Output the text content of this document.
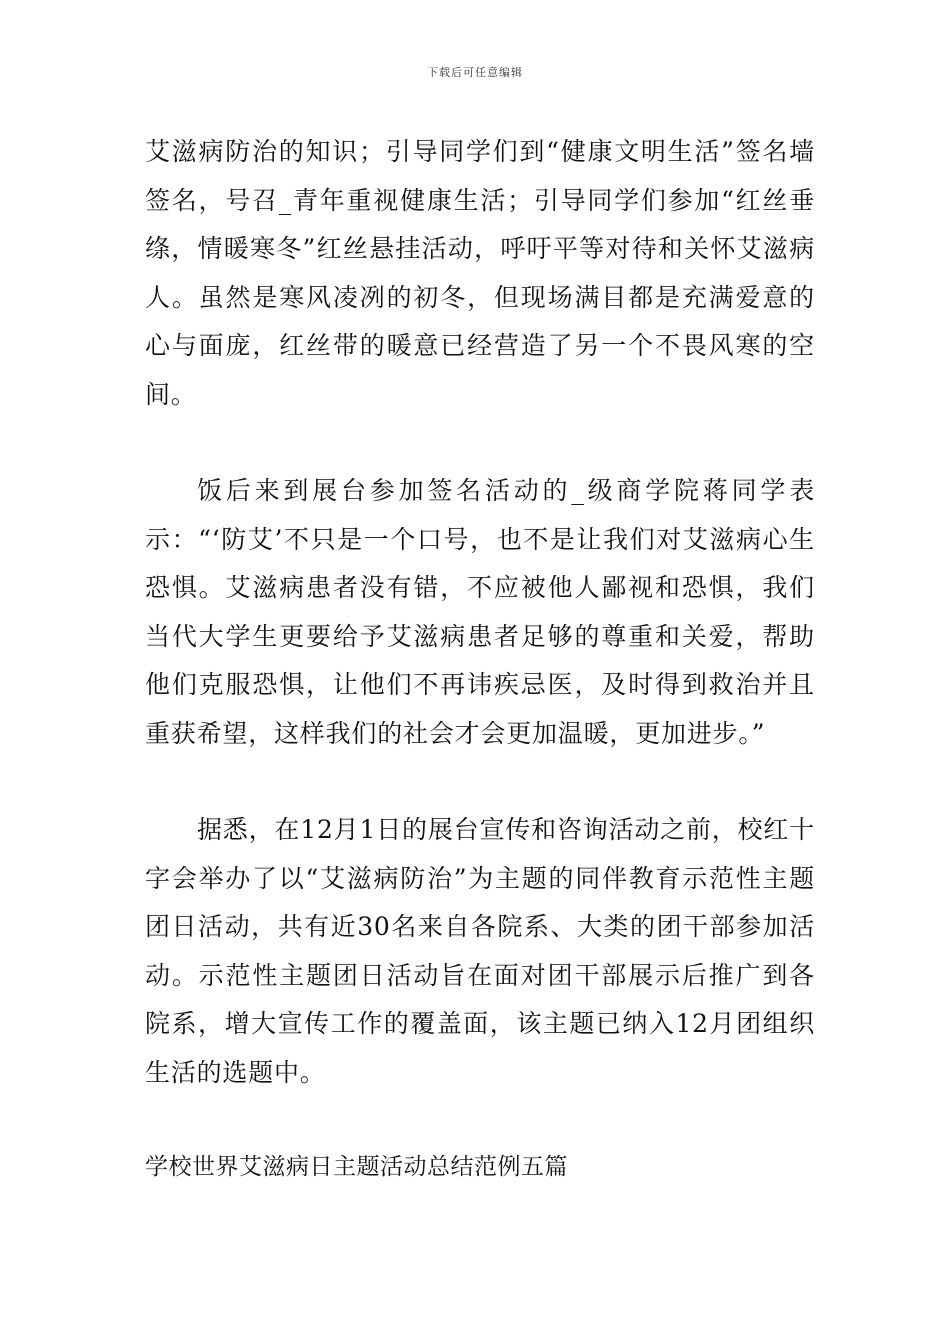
下载后可任意编辑

艾滋病防治的知识；引导同学们到“健康文明生活”签名墙签名，号召_青年重视健康生活；引导同学们参加“红丝垂绦，情暖寒冬”红丝悬挂活动，呼吁平等对待和关怀艾滋病人。虽然是寒风凌冽的初冬，但现场满目都是充满爱意的心与面庞，红丝带的暖意已经营造了另一个不畏风寒的空间。

饭后来到展台参加签名活动的_级商学院蒋同学表示：“‘防艾’不只是一个口号，也不是让我们对艾滋病心生恐惧。艾滋病患者没有错，不应被他人鄙视和恐惧，我们当代大学生更要给予艾滋病患者足够的尊重和关爱，帮助他们克服恐惧，让他们不再讳疾忌医，及时得到救治并且重获希望，这样我们的社会才会更加温暖，更加进步。”

据悉，在12月1日的展台宣传和咨询活动之前，校红十字会举办了以“艾滋病防治”为主题的同伴教育示范性主题团日活动，共有近30名来自各院系、大类的团干部参加活动。示范性主题团日活动旨在面对团干部展示后推广到各院系，增大宣传工作的覆盖面，该主题已纳入12月团组织生活的选题中。

学校世界艾滋病日主题活动总结范例五篇
